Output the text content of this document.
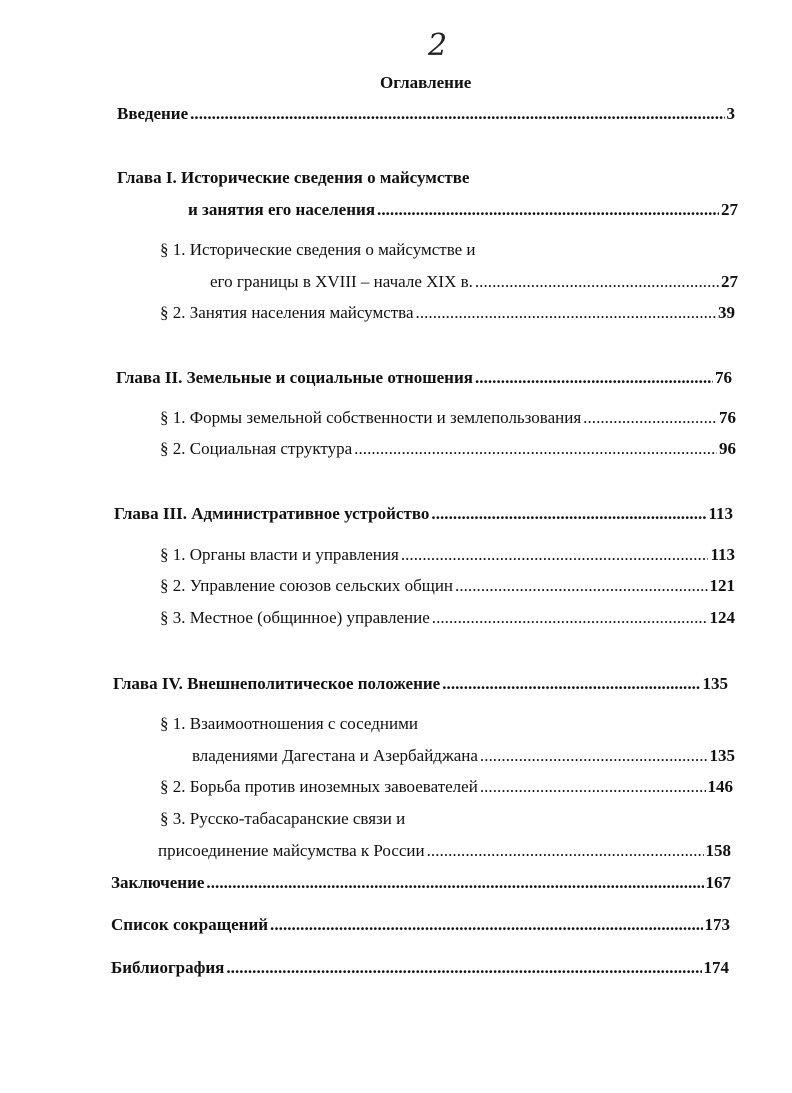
2
Оглавление
Введение . . .	3
Глава I. Исторические сведения о майсумстве
и занятия его населения . . .	27
§ 1. Исторические сведения о майсумстве и
его границы в XVIII – начале XIX в. . . .	27
§ 2. Занятия населения майсумства . . .	39
Глава II. Земельные и социальные отношения . . .	76
§ 1. Формы земельной собственности и землепользования . . .	76
§ 2. Социальная структура . . .	96
Глава III. Административное устройство . . .	113
§ 1. Органы власти и управления . . .	113
§ 2. Управление союзов сельских общин . . .	121
§ 3. Местное (общинное) управление . . .	124
Глава IV. Внешнеполитическое положение . . .	135
§ 1. Взаимоотношения с соседними
владениями Дагестана и Азербайджана . . .	135
§ 2. Борьба против иноземных завоевателей . . .	146
§ 3. Русско-табасаранские связи и
присоединение майсумства к России . . .	158
Заключение . . .	167
Список сокращений . . .	173
Библиография . . .	174
